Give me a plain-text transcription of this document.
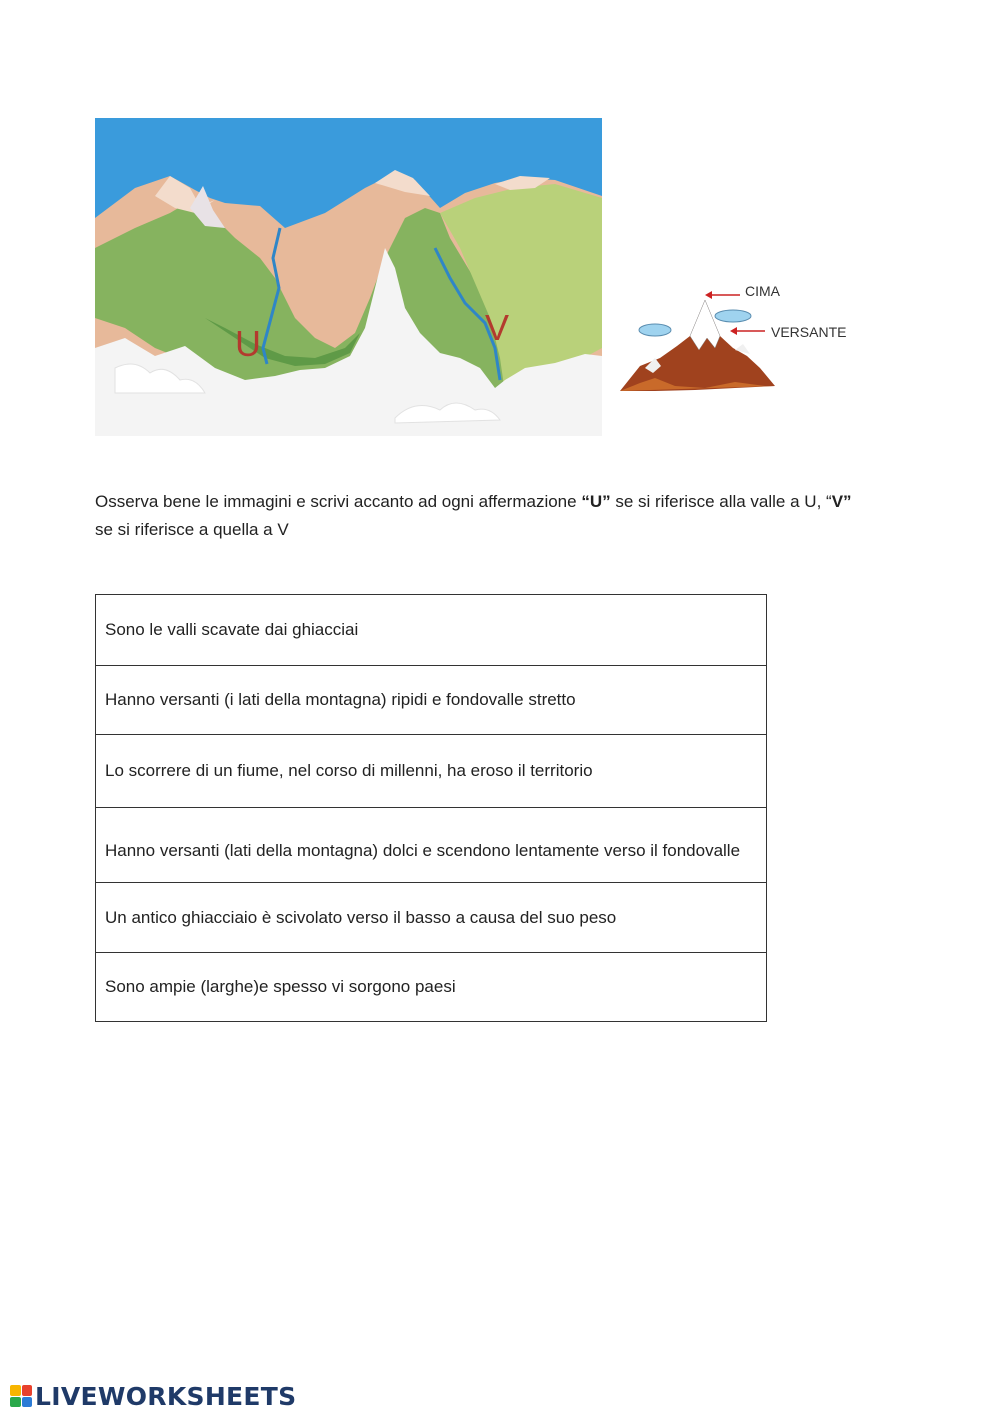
U	V
CIMA
VERSANTE

Osserva bene le immagini e scrivi accanto ad ogni affermazione “U” se si riferisce alla valle a U, “V”
se si riferisce a quella a V

Sono le valli scavate dai ghiacciai
Hanno versanti (i lati della montagna) ripidi e fondovalle stretto
Lo scorrere di un fiume, nel corso di millenni, ha eroso il territorio
Hanno versanti (lati della montagna) dolci e scendono lentamente verso il fondovalle
Un antico ghiacciaio è scivolato verso il basso a causa del suo peso
Sono ampie (larghe)e spesso vi sorgono paesi
LIVEWORKSHEETS
